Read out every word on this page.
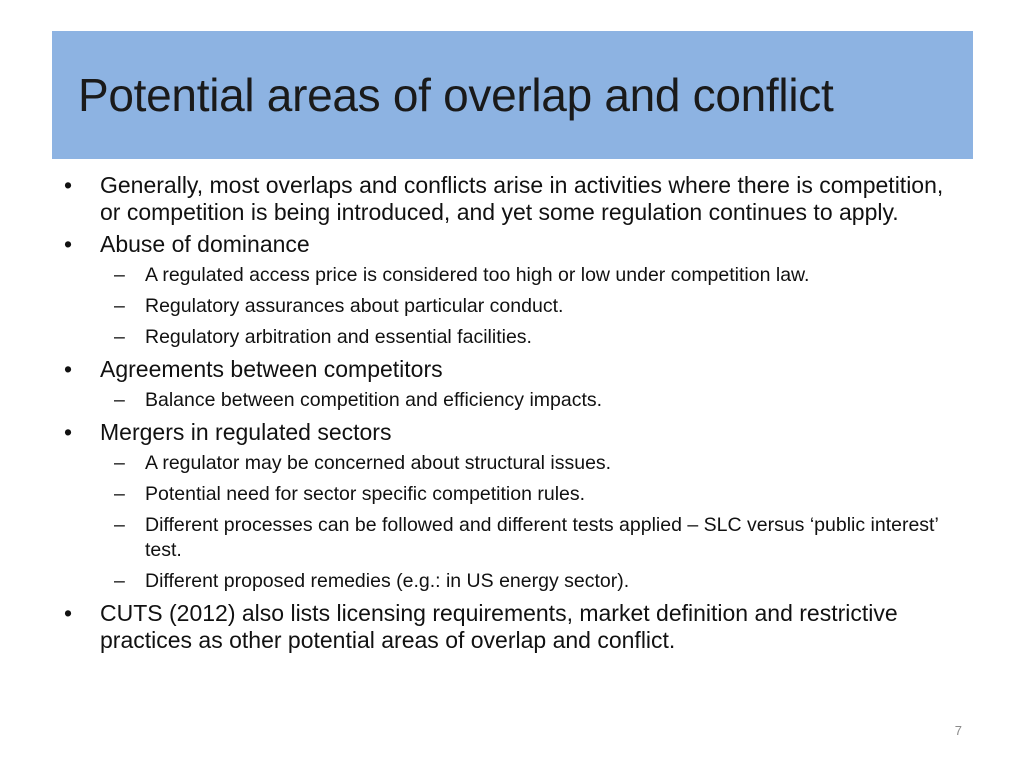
Potential areas of overlap and conflict
• Generally, most overlaps and conflicts arise in activities where there is competition, or competition is being introduced, and yet some regulation continues to apply.
• Abuse of dominance
– A regulated access price is considered too high or low under competition law.
– Regulatory assurances about particular conduct.
– Regulatory arbitration and essential facilities.
• Agreements between competitors
– Balance between competition and efficiency impacts.
• Mergers in regulated sectors
– A regulator may be concerned about structural issues.
– Potential need for sector specific competition rules.
– Different processes can be followed and different tests applied – SLC versus ‘public interest’ test.
– Different proposed remedies (e.g.: in US energy sector).
• CUTS (2012) also lists licensing requirements, market definition and restrictive practices as other potential areas of overlap and conflict.
7
